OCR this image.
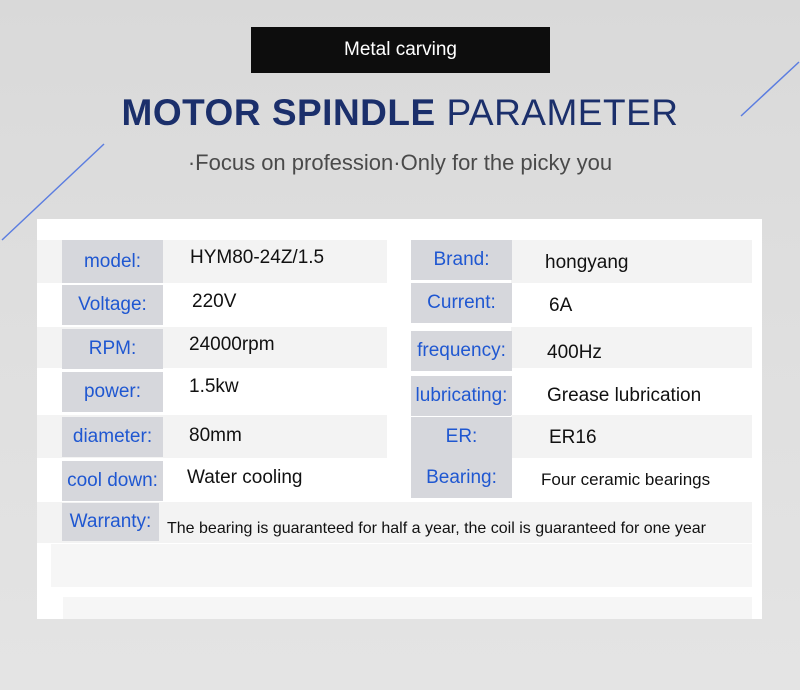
Metal carving
MOTOR SPINDLE PARAMETER
·Focus on profession·Only for the picky you
model:	HYM80-24Z/1.5	Brand:	hongyang
Voltage:	220V	Current:	6A
RPM:	24000rpm	frequency:	400Hz
power:	1.5kw	lubricating: Grease lubrication
diameter:	80mm	ER:	ER16
cool down: Water cooling	Bearing:	Four ceramic bearings
Warranty: The bearing is guaranteed for half a year, the coil is guaranteed for one year
